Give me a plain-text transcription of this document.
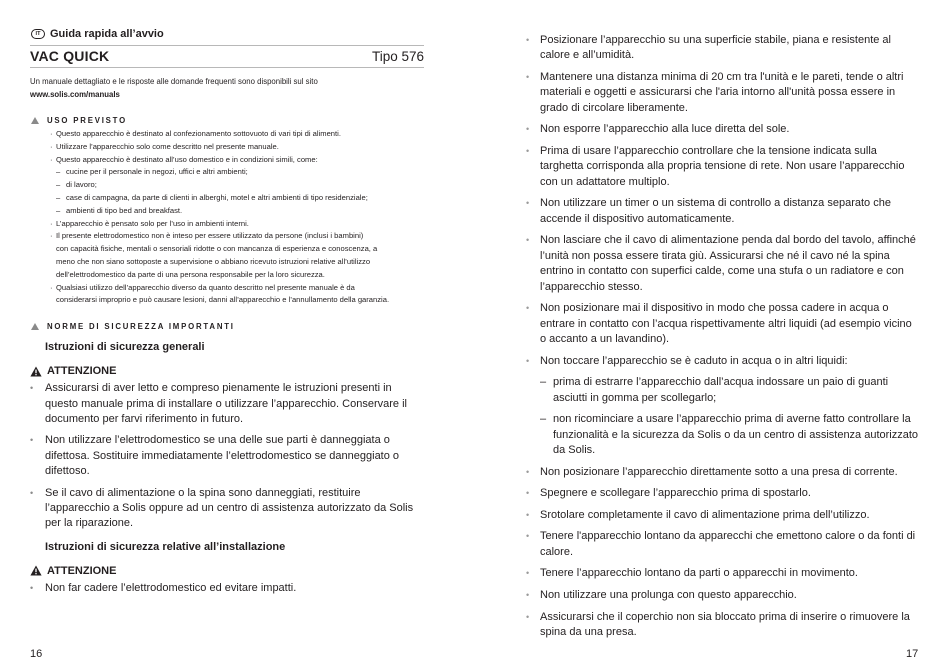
IT Guida rapida all’avvio
VAC QUICK	Tipo 576
Un manuale dettagliato e le risposte alle domande frequenti sono disponibili sul sito
www.solis.com/manuals
USO PREVISTO
· Questo apparecchio è destinato al confezionamento sottovuoto di vari tipi di alimenti.
· Utilizzare l’apparecchio solo come descritto nel presente manuale.
· Questo apparecchio è destinato all’uso domestico e in condizioni simili, come:
– cucine per il personale in negozi, uffici e altri ambienti;
– di lavoro;
– case di campagna, da parte di clienti in alberghi, motel e altri ambienti di tipo residenziale;
– ambienti di tipo bed and breakfast.
· L’apparecchio è pensato solo per l’uso in ambienti interni.
· Il presente elettrodomestico non è inteso per essere utilizzato da persone (inclusi i bambini)
con capacità fisiche, mentali o sensoriali ridotte o con mancanza di esperienza e conoscenza, a
meno che non siano sottoposte a supervisione o abbiano ricevuto istruzioni relative all’utilizzo
dell’elettrodomestico da parte di una persona responsabile per la loro sicurezza.
· Qualsiasi utilizzo dell’apparecchio diverso da quanto descritto nel presente manuale è da
considerarsi improprio e può causare lesioni, danni all’apparecchio e l’annullamento della garanzia.
NORME DI SICUREZZA IMPORTANTI
Istruzioni di sicurezza generali
ATTENZIONE
• Assicurarsi di aver letto e compreso pienamente le istruzioni presenti in questo manuale prima di installare o utilizzare l’apparecchio. Conservare il documento per farvi riferimento in futuro.
• Non utilizzare l’elettrodomestico se una delle sue parti è danneggiata o difettosa. Sostituire immediatamente l’elettrodomestico se danneggiato o difettoso.
• Se il cavo di alimentazione o la spina sono danneggiati, restituire l’apparecchio a Solis oppure ad un centro di assistenza autorizzato da Solis per la riparazione.
Istruzioni di sicurezza relative all’installazione
ATTENZIONE
• Non far cadere l’elettrodomestico ed evitare impatti.
• Posizionare l’apparecchio su una superficie stabile, piana e resistente al calore e all’umidità.
• Mantenere una distanza minima di 20 cm tra l'unità e le pareti, tende o altri materiali e oggetti e assicurarsi che l'aria intorno all'unità possa essere in grado di circolare liberamente.
• Non esporre l’apparecchio alla luce diretta del sole.
• Prima di usare l’apparecchio controllare che la tensione indicata sulla targhetta corrisponda alla propria tensione di rete. Non usare l’apparecchio con un adattatore multiplo.
• Non utilizzare un timer o un sistema di controllo a distanza separato che accende il dispositivo automaticamente.
• Non lasciare che il cavo di alimentazione penda dal bordo del tavolo, affinché l’unità non possa essere tirata giù. Assicurarsi che né il cavo né la spina entrino in contatto con superfici calde, come una stufa o un radiatore e con l’apparecchio stesso.
• Non posizionare mai il dispositivo in modo che possa cadere in acqua o entrare in contatto con l’acqua rispettivamente altri liquidi (ad esempio vicino o accanto a un lavandino).
• Non toccare l’apparecchio se è caduto in acqua o in altri liquidi:
– prima di estrarre l’apparecchio dall’acqua indossare un paio di guanti asciutti in gomma per scollegarlo;
– non ricominciare a usare l’apparecchio prima di averne fatto controllare la funzionalità e la sicurezza da Solis o da un centro di assistenza autorizzato da Solis.
• Non posizionare l’apparecchio direttamente sotto a una presa di corrente.
• Spegnere e scollegare l’apparecchio prima di spostarlo.
• Srotolare completamente il cavo di alimentazione prima dell’utilizzo.
• Tenere l'apparecchio lontano da apparecchi che emettono calore o da fonti di calore.
• Tenere l’apparecchio lontano da parti o apparecchi in movimento.
• Non utilizzare una prolunga con questo apparecchio.
• Assicurarsi che il coperchio non sia bloccato prima di inserire o rimuovere la spina da una presa.
16	17
